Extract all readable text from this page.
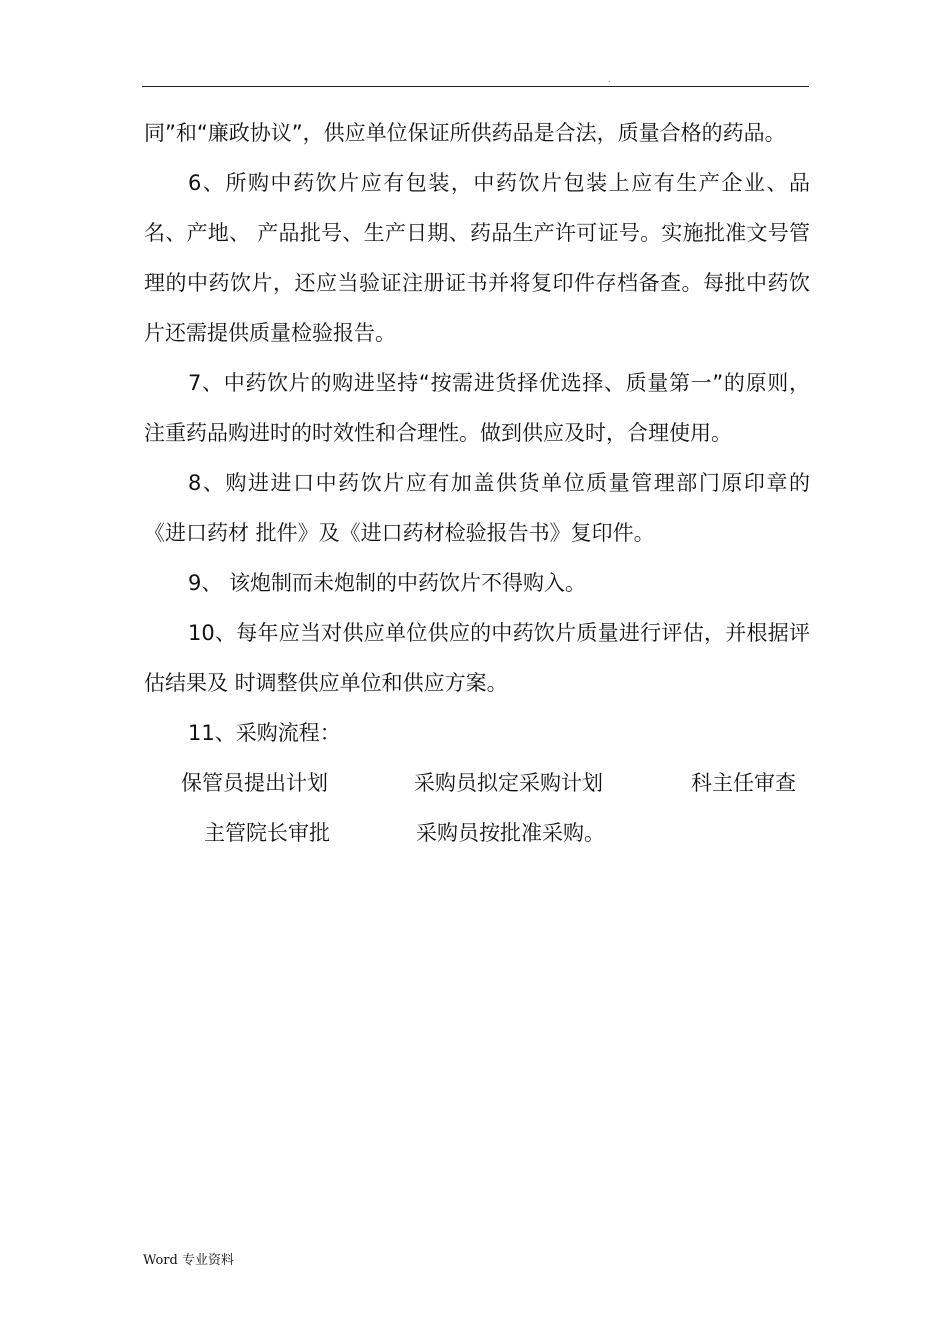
.

同”和“廉政协议”，供应单位保证所供药品是合法，质量合格的药品。

6、所购中药饮片应有包装，中药饮片包装上应有生产企业、品名、产地、 产品批号、生产日期、药品生产许可证号。实施批准文号管理的中药饮片，还应当验证注册证书并将复印件存档备查。每批中药饮片还需提供质量检验报告。

7、中药饮片的购进坚持“按需进货择优选择、质量第一”的原则，注重药品购进时的时效性和合理性。做到供应及时，合理使用。

8、购进进口中药饮片应有加盖供货单位质量管理部门原印章的《进口药材 批件》及《进口药材检验报告书》复印件。

9、 该炮制而未炮制的中药饮片不得购入。

10、每年应当对供应单位供应的中药饮片质量进行评估，并根据评估结果及 时调整供应单位和供应方案。

11、采购流程：

保管员提出计划	采购员拟定采购计划	科主任审查
主管院长审批	采购员按批准采购。
Word 专业资料
